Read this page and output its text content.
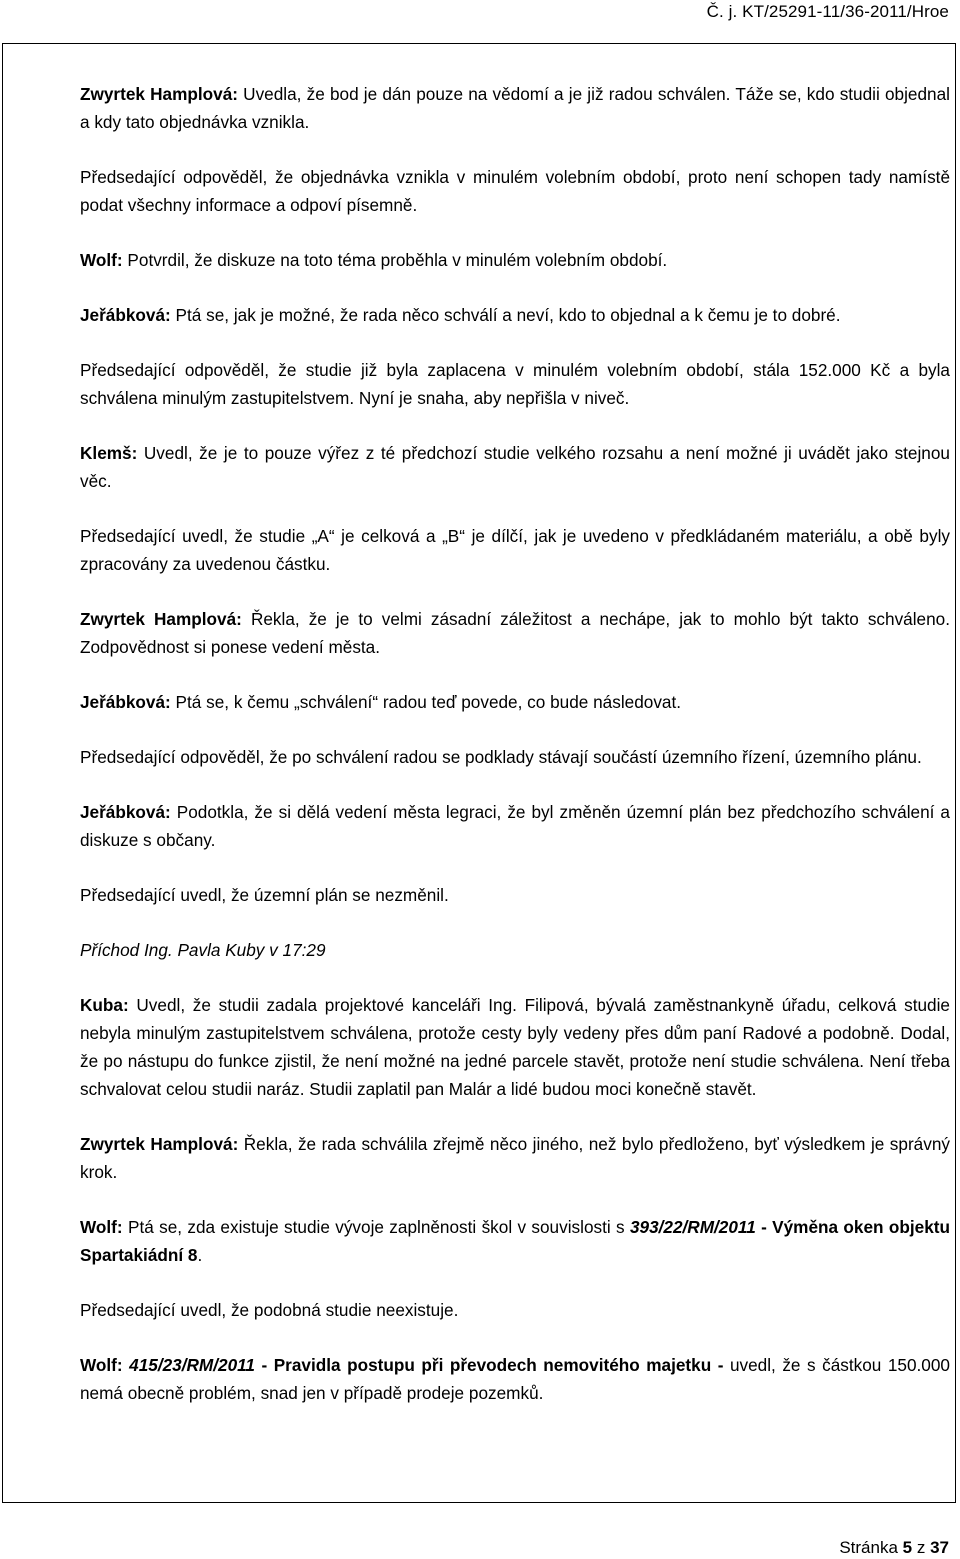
Č. j. KT/25291-11/36-2011/Hroe

Zwyrtek Hamplová: Uvedla, že bod je dán pouze na vědomí a je již radou schválen. Táže se, kdo studii objednal a kdy tato objednávka vznikla.

Předsedající odpověděl, že objednávka vznikla v minulém volebním období, proto není schopen tady namístě podat všechny informace a odpoví písemně.

Wolf: Potvrdil, že diskuze na toto téma proběhla v minulém volebním období.

Jeřábková: Ptá se, jak je možné, že rada něco schválí a neví, kdo to objednal a k čemu je to dobré.

Předsedající odpověděl, že studie již byla zaplacena v minulém volebním období, stála 152.000 Kč a byla schválena minulým zastupitelstvem. Nyní je snaha, aby nepřišla v niveč.

Klemš: Uvedl, že je to pouze výřez z té předchozí studie velkého rozsahu a není možné ji uvádět jako stejnou věc.

Předsedající uvedl, že studie „A“ je celková a „B“ je dílčí, jak je uvedeno v předkládaném materiálu, a obě byly zpracovány za uvedenou částku.

Zwyrtek Hamplová: Řekla, že je to velmi zásadní záležitost a nechápe, jak to mohlo být takto schváleno. Zodpovědnost si ponese vedení města.

Jeřábková: Ptá se, k čemu „schválení“ radou teď povede, co bude následovat.

Předsedající odpověděl, že po schválení radou se podklady stávají součástí územního řízení, územního plánu.

Jeřábková: Podotkla, že si dělá vedení města legraci, že byl změněn územní plán bez předchozího schválení a diskuze s občany.

Předsedající uvedl, že územní plán se nezměnil.

Příchod Ing. Pavla Kuby v 17:29

Kuba: Uvedl, že studii zadala projektové kanceláři Ing. Filipová, bývalá zaměstnankyně úřadu, celková studie nebyla minulým zastupitelstvem schválena, protože cesty byly vedeny přes dům paní Radové a podobně. Dodal, že po nástupu do funkce zjistil, že není možné na jedné parcele stavět, protože není studie schválena. Není třeba schvalovat celou studii naráz. Studii zaplatil pan Malár a lidé budou moci konečně stavět.

Zwyrtek Hamplová: Řekla, že rada schválila zřejmě něco jiného, než bylo předloženo, byť výsledkem je správný krok.

Wolf: Ptá se, zda existuje studie vývoje zaplněnosti škol v souvislosti s 393/22/RM/2011 - Výměna oken objektu Spartakiádní 8.

Předsedající uvedl, že podobná studie neexistuje.

Wolf: 415/23/RM/2011 - Pravidla postupu při převodech nemovitého majetku - uvedl, že s částkou 150.000 nemá obecně problém, snad jen v případě prodeje pozemků.

Stránka 5 z 37
